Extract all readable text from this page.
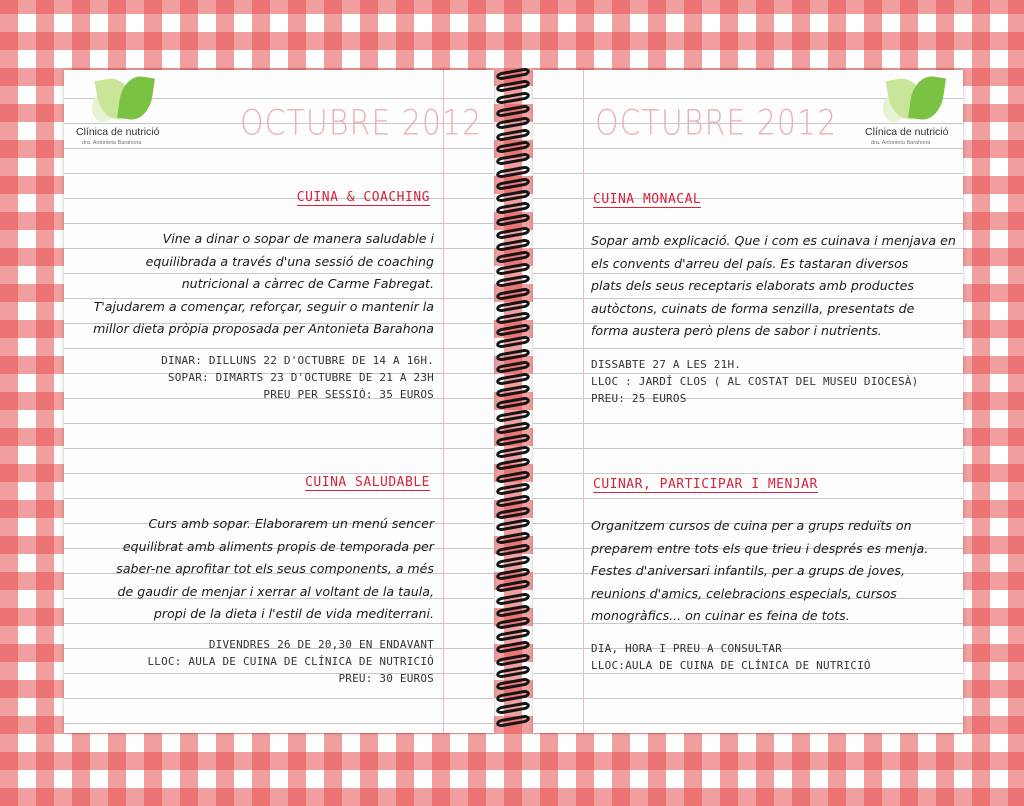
Clínica de nutrició
dra. Antonieta Barahona	OCTUBRE 2012
CUINA & COACHING
Vine a dinar o sopar de manera saludable i
equilibrada a través d'una sessió de coaching
nutricional a càrrec de Carme Fabregat.
T'ajudarem a començar, reforçar, seguir o mantenir la
millor dieta pròpia proposada per Antonieta Barahona
DINAR: DILLUNS 22 D'OCTUBRE DE 14 A 16H.
SOPAR: DIMARTS 23 D'OCTUBRE DE 21 A 23H
PREU PER SESSIÓ: 35 EUROS
CUINA SALUDABLE
Curs amb sopar. Elaborarem un menú sencer
equilibrat amb aliments propis de temporada per
saber-ne aprofitar tot els seus components, a més
de gaudir de menjar i xerrar al voltant de la taula,
propi de la dieta i l'estil de vida mediterrani.
DIVENDRES 26 DE 20,30 EN ENDAVANT
LLOC: AULA DE CUINA DE CLÍNICA DE NUTRICIÓ
PREU: 30 EUROS
Clínica de nutrició
dra. Antonieta Barahona
OCTUBRE 2012
CUINA MONACAL
Sopar amb explicació. Que i com es cuinava i menjava en
els convents d'arreu del país. Es tastaran diversos
plats dels seus receptaris elaborats amb productes
autòctons, cuinats de forma senzilla, presentats de
forma austera però plens de sabor i nutrients.
DISSABTE 27 A LES 21H.
LLOC : JARDÍ CLOS ( AL COSTAT DEL MUSEU DIOCESÀ)
PREU: 25 EUROS
CUINAR, PARTICIPAR I MENJAR
Organitzem cursos de cuina per a grups reduïts on
preparem entre tots els que trieu i després es menja.
Festes d'aniversari infantils, per a grups de joves,
reunions d'amics, celebracions especials, cursos
monogràfics... on cuinar es feina de tots.
DIA, HORA I PREU A CONSULTAR
LLOC:AULA DE CUINA DE CLÍNICA DE NUTRICIÓ
